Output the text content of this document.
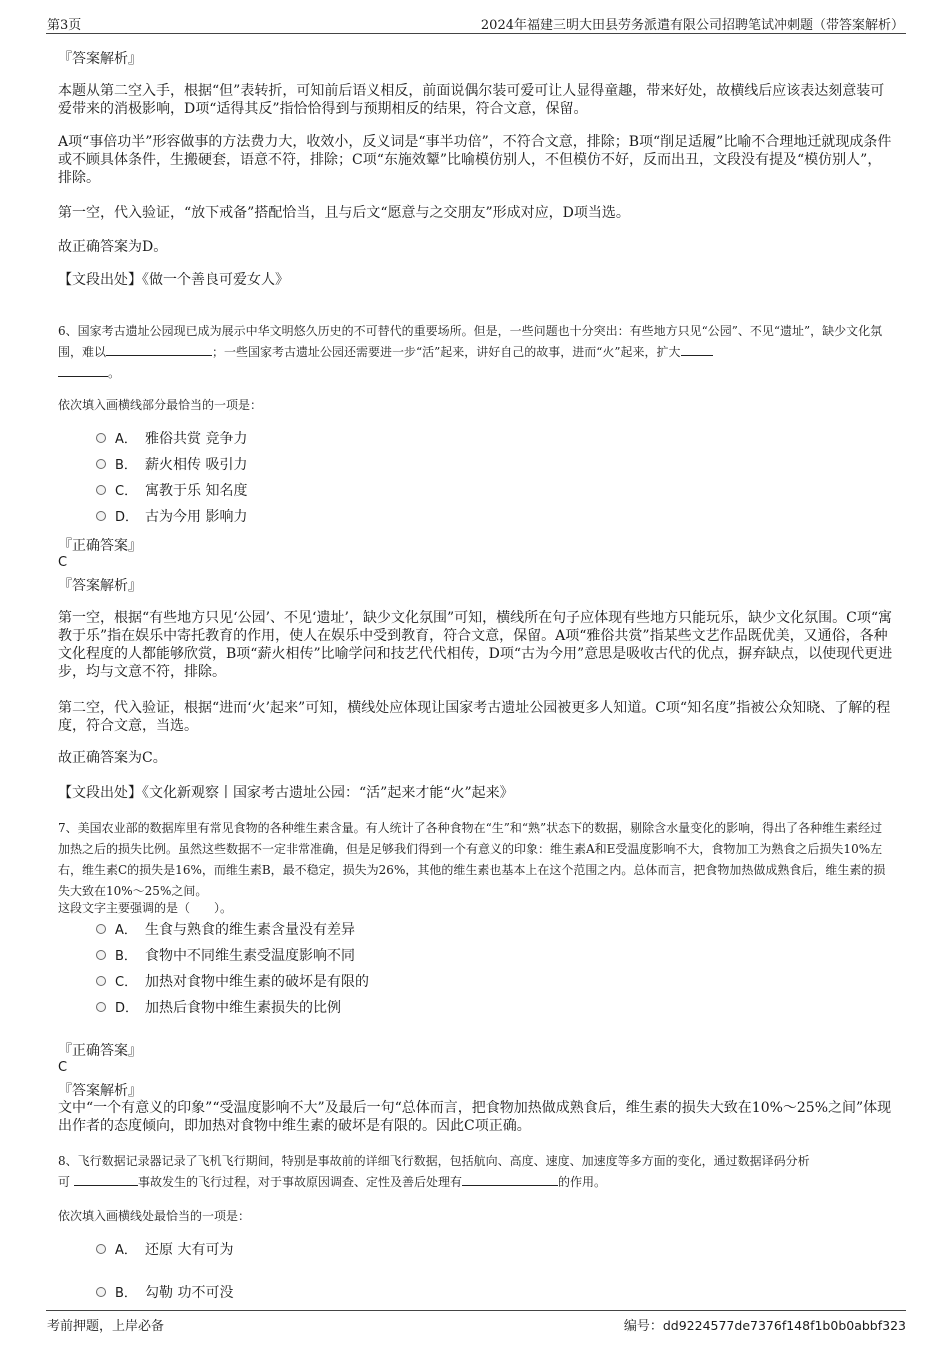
第3页	2024年福建三明大田县劳务派遣有限公司招聘笔试冲刺题（带答案解析）
『答案解析』
本题从第二空入手，根据“但”表转折，可知前后语义相反，前面说偶尔装可爱可让人显得童趣，带来好处，故横线后应该表达刻意装可爱带来的消极影响，D项“适得其反”指恰恰得到与预期相反的结果，符合文意，保留。
A项“事倍功半”形容做事的方法费力大，收效小，反义词是“事半功倍”，不符合文意，排除；B项“削足适履”比喻不合理地迁就现成条件或不顾具体条件，生搬硬套，语意不符，排除；C项“东施效颦”比喻模仿别人，不但模仿不好，反而出丑，文段没有提及“模仿别人”，排除。
第一空，代入验证，“放下戒备”搭配恰当，且与后文“愿意与之交朋友”形成对应，D项当选。
故正确答案为D。
【文段出处】《做一个善良可爱女人》
6、国家考古遗址公园现已成为展示中华文明悠久历史的不可替代的重要场所。但是，一些问题也十分突出：有些地方只见“公园”、不见“遗址”，缺少文化氛围，难以	；一些国家考古遗址公园还需要进一步“活”起来，讲好自己的故事，进而“火”起来，扩大
。
依次填入画横线部分最恰当的一项是：
A． 雅俗共赏 竞争力
B． 薪火相传 吸引力
C． 寓教于乐 知名度
D． 古为今用 影响力
『正确答案』
C
『答案解析』
第一空，根据“有些地方只见‘公园’、不见‘遗址’，缺少文化氛围”可知，横线所在句子应体现有些地方只能玩乐，缺少文化氛围。C项“寓教于乐”指在娱乐中寄托教育的作用，使人在娱乐中受到教育，符合文意，保留。A项“雅俗共赏”指某些文艺作品既优美，又通俗，各种文化程度的人都能够欣赏，B项“薪火相传”比喻学问和技艺代代相传，D项“古为今用”意思是吸收古代的优点，摒弃缺点，以使现代更进步，均与文意不符，排除。
第二空，代入验证，根据“进而‘火’起来”可知，横线处应体现让国家考古遗址公园被更多人知道。C项“知名度”指被公众知晓、了解的程度，符合文意，当选。
故正确答案为C。
【文段出处】《文化新观察丨国家考古遗址公园：“活”起来才能“火”起来》
7、美国农业部的数据库里有常见食物的各种维生素含量。有人统计了各种食物在“生”和“熟”状态下的数据，剔除含水量变化的影响，得出了各种维生素经过加热之后的损失比例。虽然这些数据不一定非常准确，但是足够我们得到一个有意义的印象：维生素A和E受温度影响不大，食物加工为熟食之后损失10%左右，维生素C的损失是16%，而维生素B，最不稳定，损失为26%，其他的维生素也基本上在这个范围之内。总体而言，把食物加热做成熟食后，维生素的损失大致在10%～25%之间。
这段文字主要强调的是（　　）。
A． 生食与熟食的维生素含量没有差异
B． 食物中不同维生素受温度影响不同
C． 加热对食物中维生素的破坏是有限的
D． 加热后食物中维生素损失的比例
『正确答案』
C
『答案解析』
文中“一个有意义的印象”“受温度影响不大”及最后一句“总体而言，把食物加热做成熟食后，维生素的损失大致在10%～25%之间”体现出作者的态度倾向，即加热对食物中维生素的破坏是有限的。因此C项正确。
8、飞行数据记录器记录了飞机飞行期间，特别是事故前的详细飞行数据，包括航向、高度、速度、加速度等多方面的变化，通过数据译码分析
可	事故发生的飞行过程，对于事故原因调查、定性及善后处理有	的作用。
依次填入画横线处最恰当的一项是：
A． 还原 大有可为
B． 勾勒 功不可没
考前押题，上岸必备	编号：dd9224577de7376f148f1b0b0abbf323
